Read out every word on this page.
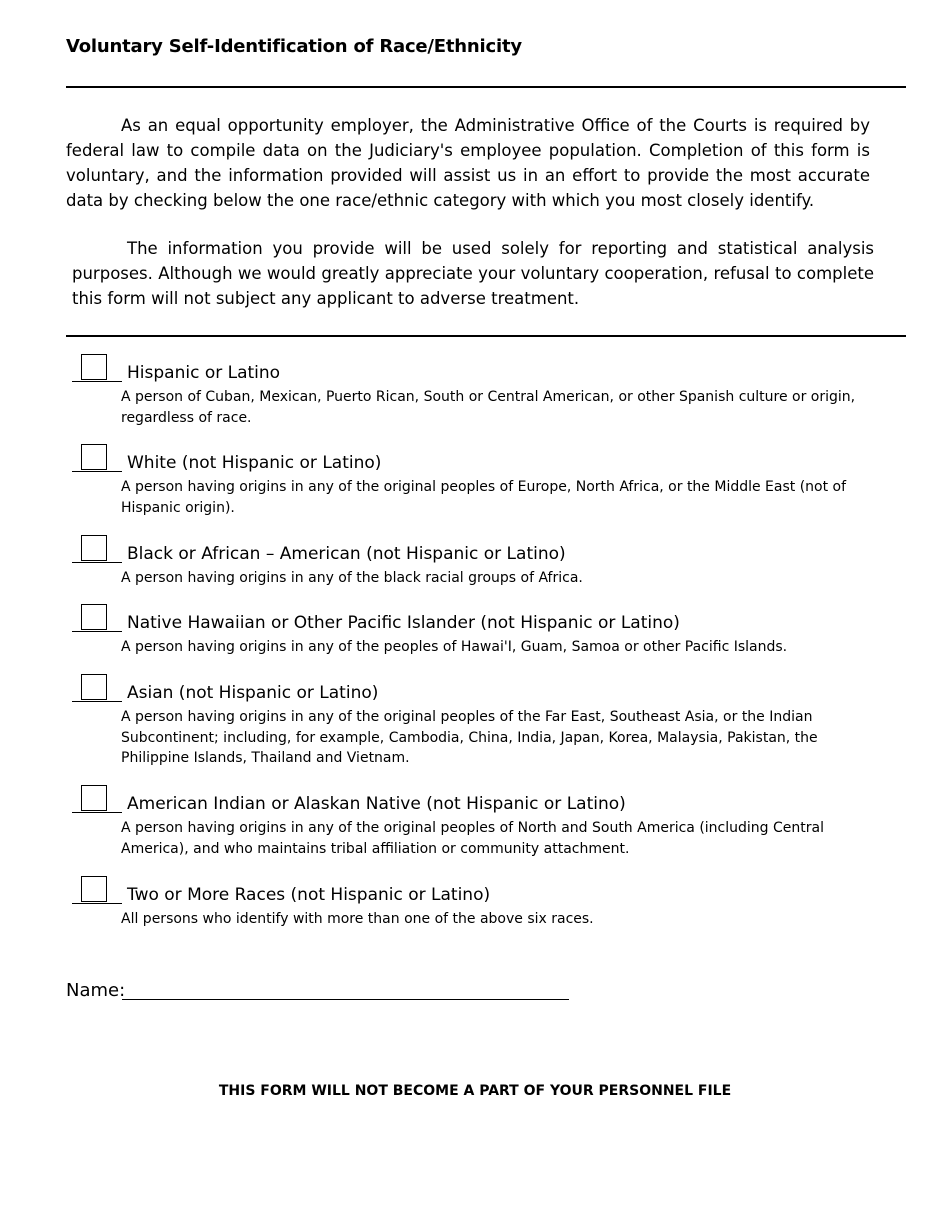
Voluntary Self-Identification of Race/Ethnicity
As an equal opportunity employer, the Administrative Office of the Courts is required by federal law to compile data on the Judiciary's employee population. Completion of this form is voluntary, and the information provided will assist us in an effort to provide the most accurate data by checking below the one race/ethnic category with which you most closely identify.
The information you provide will be used solely for reporting and statistical analysis purposes. Although we would greatly appreciate your voluntary cooperation, refusal to complete this form will not subject any applicant to adverse treatment.
Hispanic or Latino
A person of Cuban, Mexican, Puerto Rican, South or Central American, or other Spanish culture or origin, regardless of race.
White (not Hispanic or Latino)
A person having origins in any of the original peoples of Europe, North Africa, or the Middle East (not of Hispanic origin).
Black or African – American (not Hispanic or Latino)
A person having origins in any of the black racial groups of Africa.
Native Hawaiian or Other Pacific Islander (not Hispanic or Latino)
A person having origins in any of the peoples of Hawai'I, Guam, Samoa or other Pacific Islands.
Asian (not Hispanic or Latino)
A person having origins in any of the original peoples of the Far East, Southeast Asia, or the Indian Subcontinent; including, for example, Cambodia, China, India, Japan, Korea, Malaysia, Pakistan, the Philippine Islands, Thailand and Vietnam.
American Indian or Alaskan Native (not Hispanic or Latino)
A person having origins in any of the original peoples of North and South America (including Central America), and who maintains tribal affiliation or community attachment.
Two or More Races (not Hispanic or Latino)
All persons who identify with more than one of the above six races.
Name:
THIS FORM WILL NOT BECOME A PART OF YOUR PERSONNEL FILE
